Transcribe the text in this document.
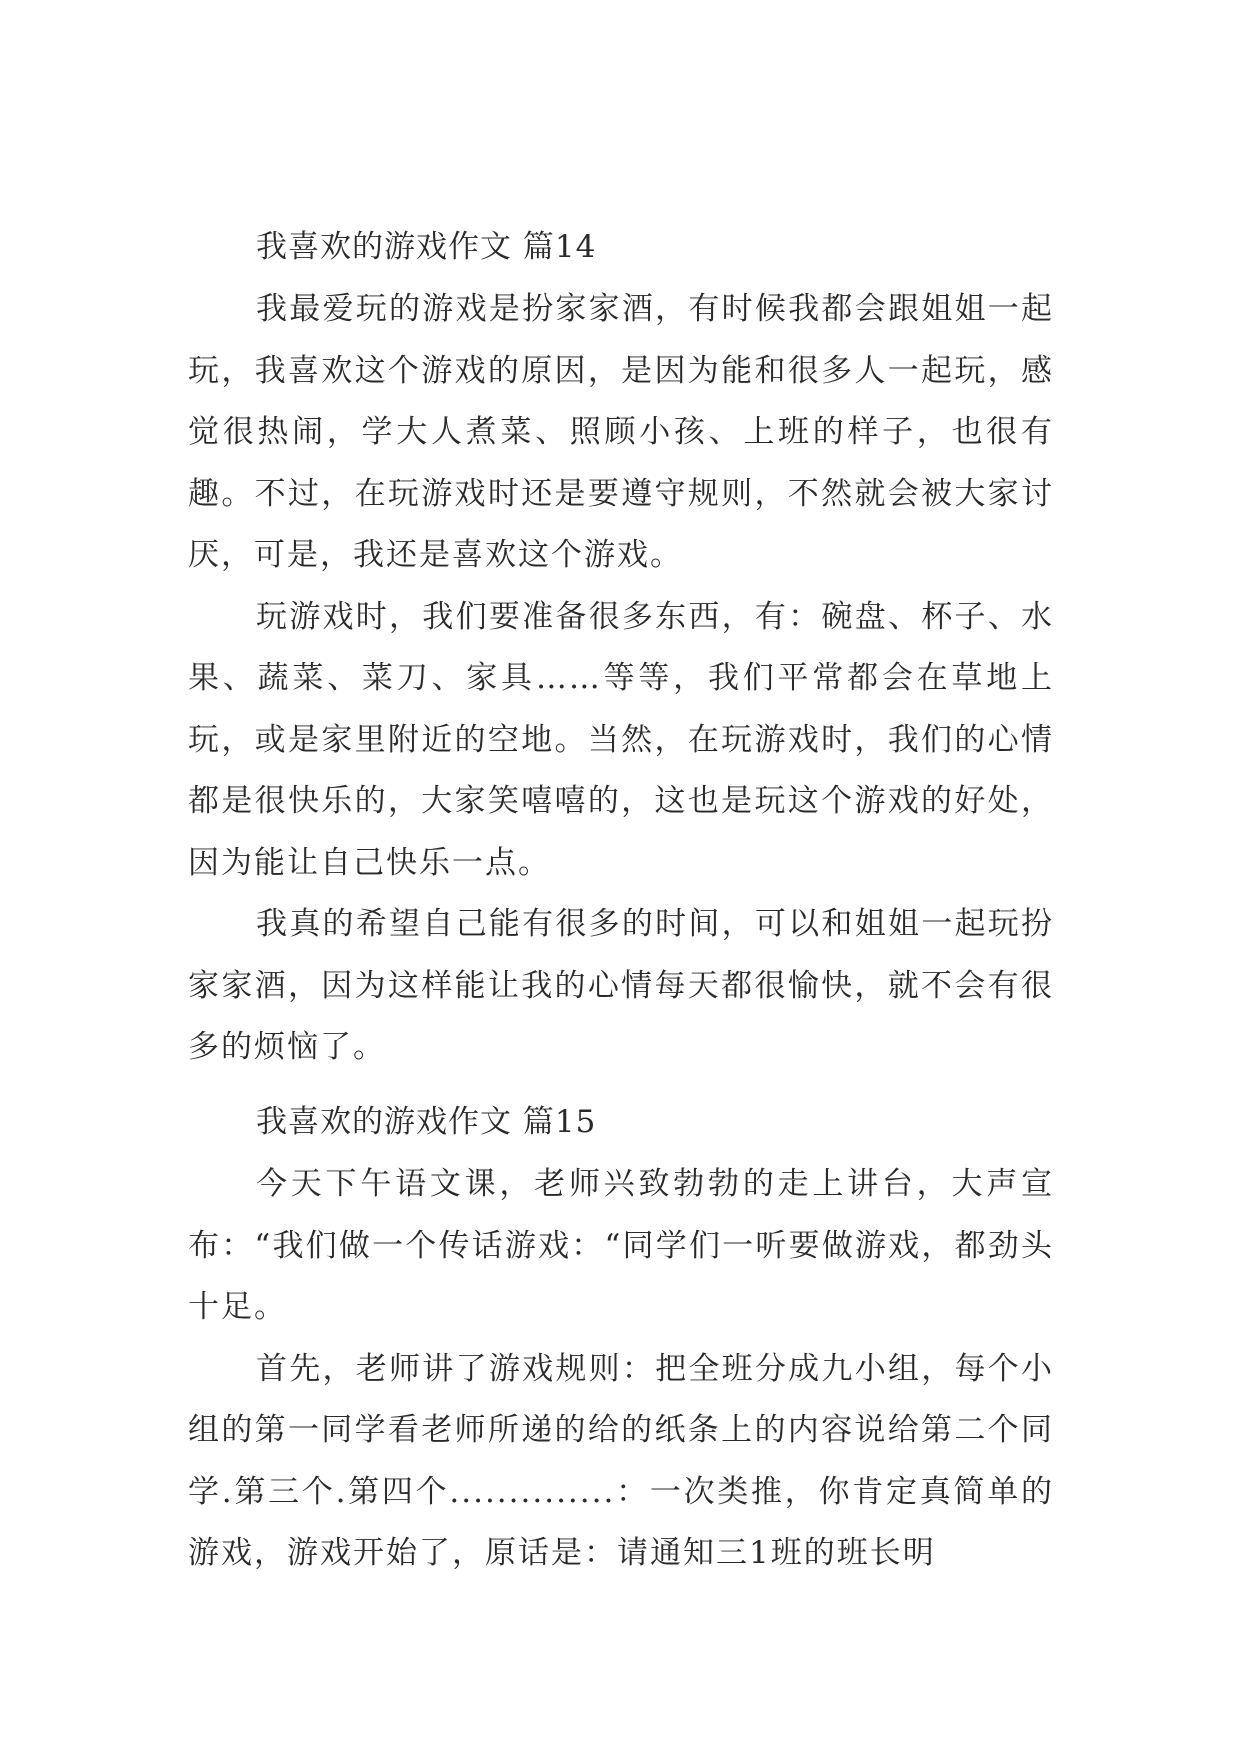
我喜欢的游戏作文 篇14

我最爱玩的游戏是扮家家酒，有时候我都会跟姐姐一起玩，我喜欢这个游戏的原因，是因为能和很多人一起玩，感觉很热闹，学大人煮菜、照顾小孩、上班的样子，也很有趣。不过，在玩游戏时还是要遵守规则，不然就会被大家讨厌，可是，我还是喜欢这个游戏。

玩游戏时，我们要准备很多东西，有：碗盘、杯子、水果、蔬菜、菜刀、家具……等等，我们平常都会在草地上玩，或是家里附近的空地。当然，在玩游戏时，我们的心情都是很快乐的，大家笑嘻嘻的，这也是玩这个游戏的好处，因为能让自己快乐一点。

我真的希望自己能有很多的时间，可以和姐姐一起玩扮家家酒，因为这样能让我的心情每天都很愉快，就不会有很多的烦恼了。

我喜欢的游戏作文 篇15

今天下午语文课，老师兴致勃勃的走上讲台，大声宣布：“我们做一个传话游戏：“同学们一听要做游戏，都劲头十足。

首先，老师讲了游戏规则：把全班分成九小组，每个小组的第一同学看老师所递的给的纸条上的内容说给第二个同学.第三个.第四个..............：一次类推，你肯定真简单的游戏，游戏开始了，原话是：请通知三1班的班长明
